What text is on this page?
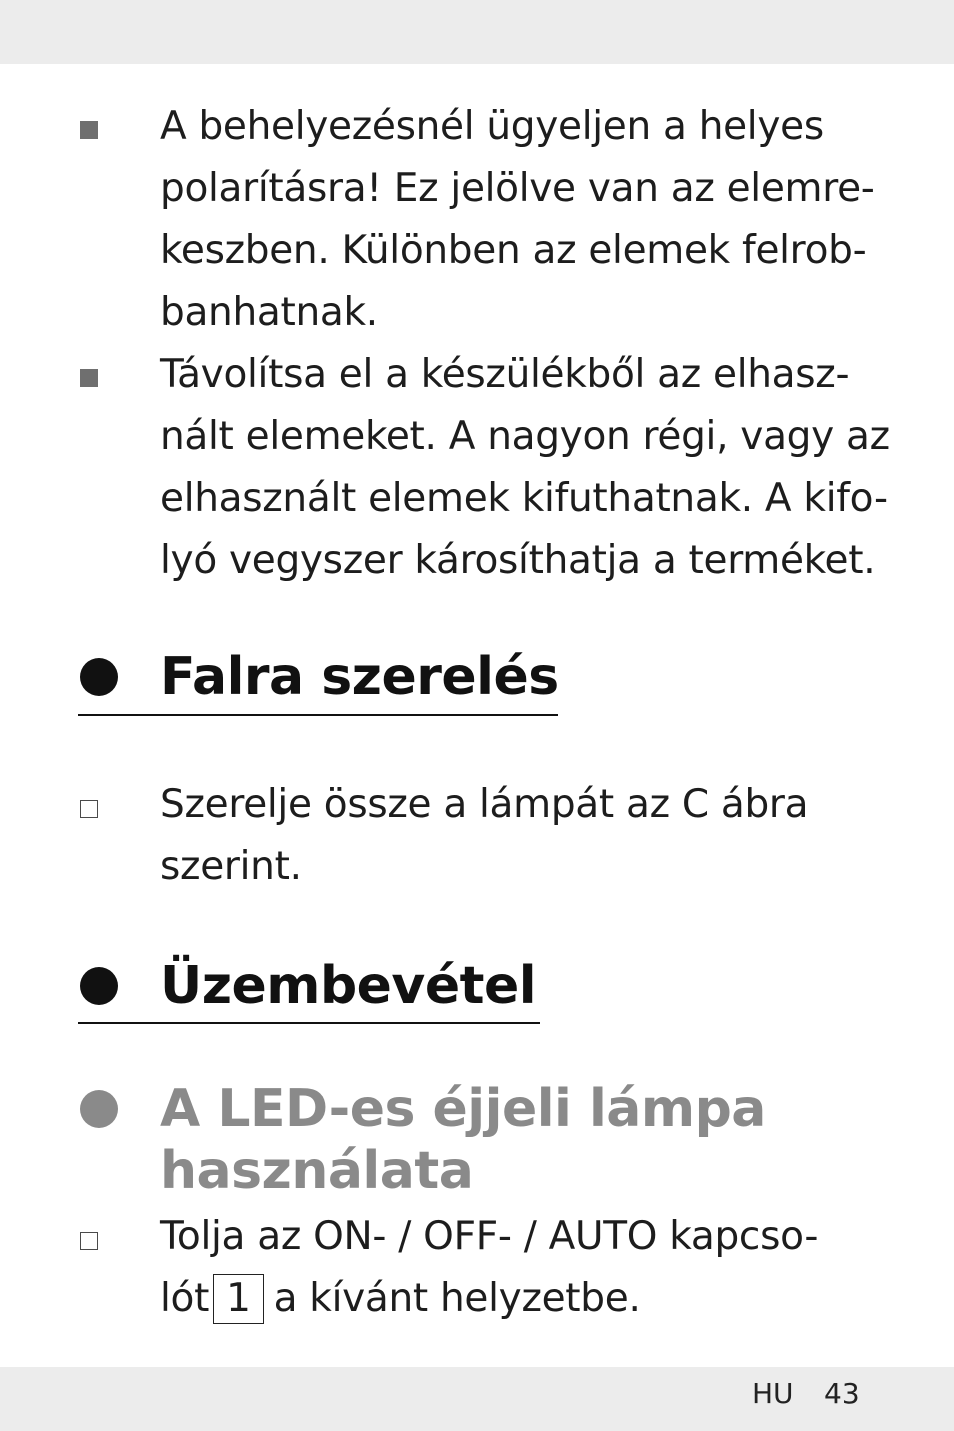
A behelyezésnél ügyeljen a helyes
polarításra! Ez jelölve van az elemre-
keszben. Különben az elemek felrob-
banhatnak.
Távolítsa el a készülékből az elhasz-
nált elemeket. A nagyon régi, vagy az
elhasznált elemek kifuthatnak. A kifo-
lyó vegyszer károsíthatja a terméket.
Falra szerelés
Szerelje össze a lámpát az C ábra
szerint.
Üzembevétel
A LED-es éjjeli lámpa
használata
Tolja az ON- / OFF- / AUTO kapcso-
lót 1 a kívánt helyzetbe.
HU 43
